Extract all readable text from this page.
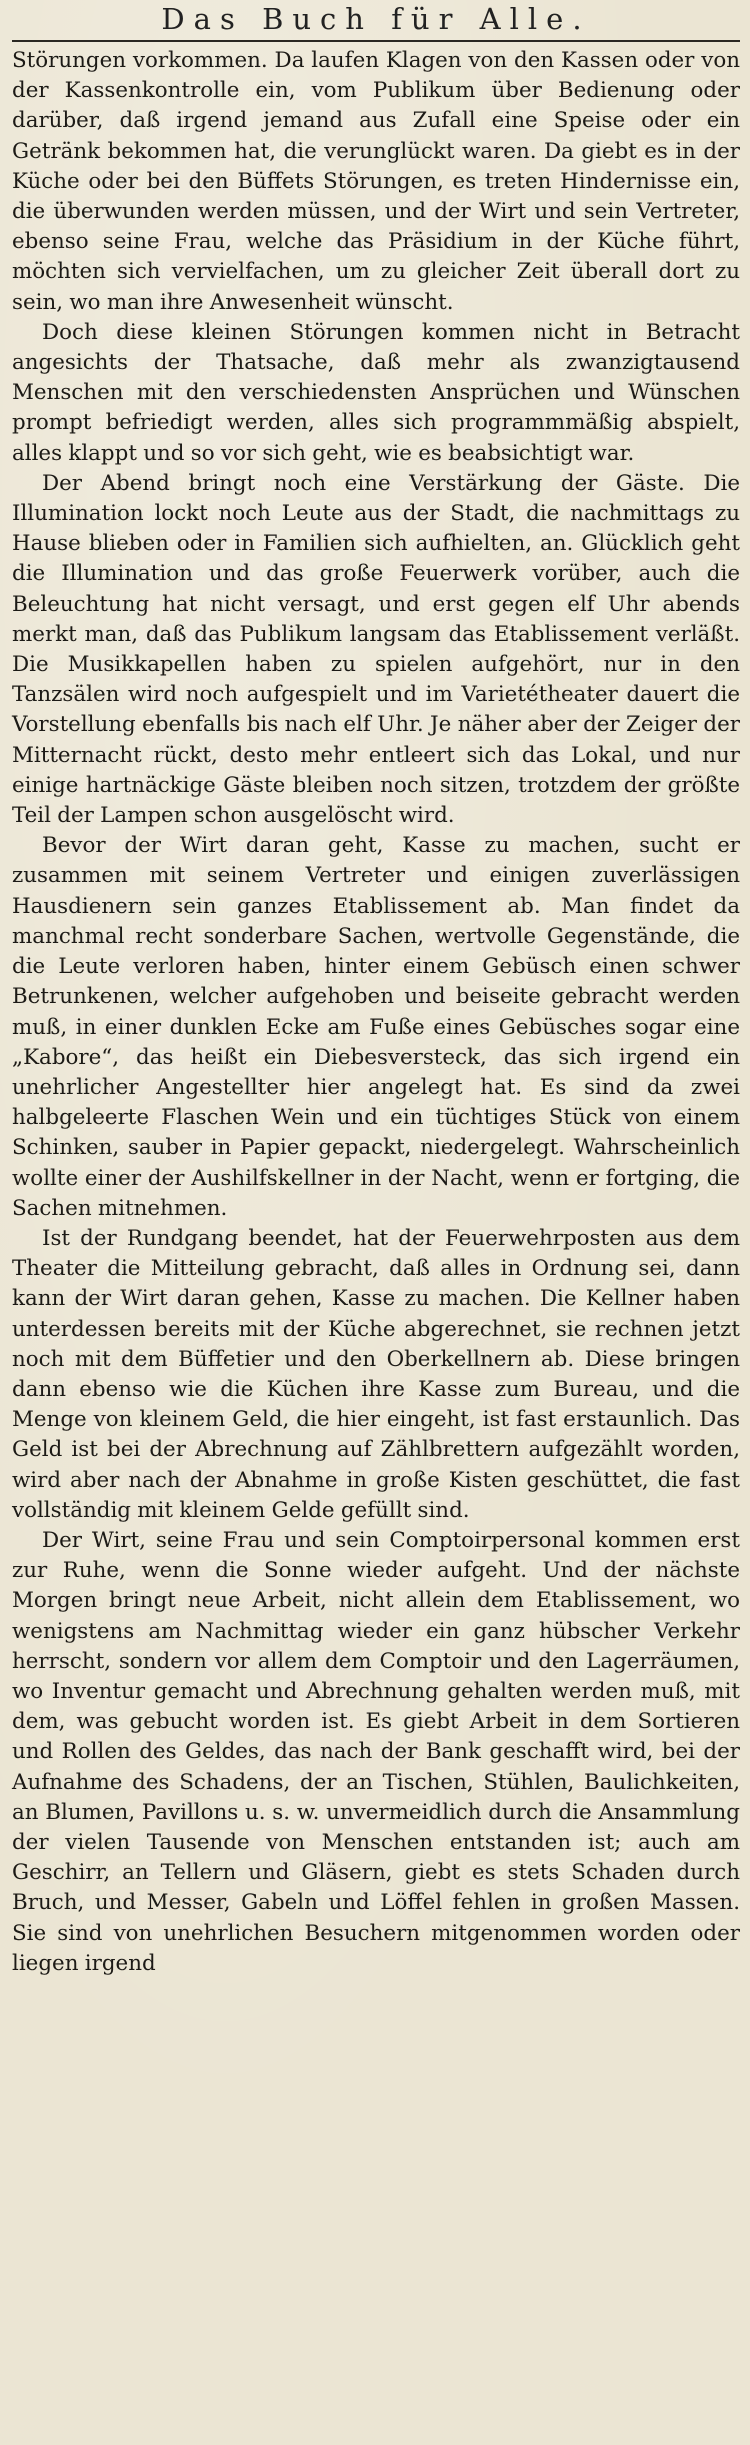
Das Buch für Alle.

Störungen vorkommen. Da laufen Klagen von den Kassen oder von der Kassenkontrolle ein, vom Publikum über Bedienung oder darüber, daß irgend jemand aus Zufall eine Speise oder ein Getränk bekommen hat, die verunglückt waren. Da giebt es in der Küche oder bei den Büffets Störungen, es treten Hindernisse ein, die überwunden werden müssen, und der Wirt und sein Vertreter, ebenso seine Frau, welche das Präsidium in der Küche führt, möchten sich vervielfachen, um zu gleicher Zeit überall dort zu sein, wo man ihre Anwesenheit wünscht.

Doch diese kleinen Störungen kommen nicht in Betracht angesichts der Thatsache, daß mehr als zwanzigtausend Menschen mit den verschiedensten Ansprüchen und Wünschen prompt befriedigt werden, alles sich programmmäßig abspielt, alles klappt und so vor sich geht, wie es beabsichtigt war.

Der Abend bringt noch eine Verstärkung der Gäste. Die Illumination lockt noch Leute aus der Stadt, die nachmittags zu Hause blieben oder in Familien sich aufhielten, an. Glücklich geht die Illumination und das große Feuerwerk vorüber, auch die Beleuchtung hat nicht versagt, und erst gegen elf Uhr abends merkt man, daß das Publikum langsam das Etablissement verläßt. Die Musikkapellen haben zu spielen aufgehört, nur in den Tanzsälen wird noch aufgespielt und im Varietétheater dauert die Vorstellung ebenfalls bis nach elf Uhr. Je näher aber der Zeiger der Mitternacht rückt, desto mehr entleert sich das Lokal, und nur einige hartnäckige Gäste bleiben noch sitzen, trotzdem der größte Teil der Lampen schon ausgelöscht wird.

Bevor der Wirt daran geht, Kasse zu machen, sucht er zusammen mit seinem Vertreter und einigen zuverlässigen Hausdienern sein ganzes Etablissement ab. Man findet da manchmal recht sonderbare Sachen, wertvolle Gegenstände, die die Leute verloren haben, hinter einem Gebüsch einen schwer Betrunkenen, welcher aufgehoben und beiseite gebracht werden muß, in einer dunklen Ecke am Fuße eines Gebüsches sogar eine „Kabore“, das heißt ein Diebesversteck, das sich irgend ein unehrlicher Angestellter hier angelegt hat. Es sind da zwei halbgeleerte Flaschen Wein und ein tüchtiges Stück von einem Schinken, sauber in Papier gepackt, niedergelegt. Wahrscheinlich wollte einer der Aushilfskellner in der Nacht, wenn er fortging, die Sachen mitnehmen.

Ist der Rundgang beendet, hat der Feuerwehrposten aus dem Theater die Mitteilung gebracht, daß alles in Ordnung sei, dann kann der Wirt daran gehen, Kasse zu machen. Die Kellner haben unterdessen bereits mit der Küche abgerechnet, sie rechnen jetzt noch mit dem Büffetier und den Oberkellnern ab. Diese bringen dann ebenso wie die Küchen ihre Kasse zum Bureau, und die Menge von kleinem Geld, die hier eingeht, ist fast erstaunlich. Das Geld ist bei der Abrechnung auf Zählbrettern aufgezählt worden, wird aber nach der Abnahme in große Kisten geschüttet, die fast vollständig mit kleinem Gelde gefüllt sind.

Der Wirt, seine Frau und sein Comptoirpersonal kommen erst zur Ruhe, wenn die Sonne wieder aufgeht. Und der nächste Morgen bringt neue Arbeit, nicht allein dem Etablissement, wo wenigstens am Nachmittag wieder ein ganz hübscher Verkehr herrscht, sondern vor allem dem Comptoir und den Lagerräumen, wo Inventur gemacht und Abrechnung gehalten werden muß, mit dem, was gebucht worden ist. Es giebt Arbeit in dem Sortieren und Rollen des Geldes, das nach der Bank geschafft wird, bei der Aufnahme des Schadens, der an Tischen, Stühlen, Baulichkeiten, an Blumen, Pavillons u. s. w. unvermeidlich durch die Ansammlung der vielen Tausende von Menschen entstanden ist; auch am Geschirr, an Tellern und Gläsern, giebt es stets Schaden durch Bruch, und Messer, Gabeln und Löffel fehlen in großen Massen. Sie sind von unehrlichen Besuchern mitgenommen worden oder liegen irgend
